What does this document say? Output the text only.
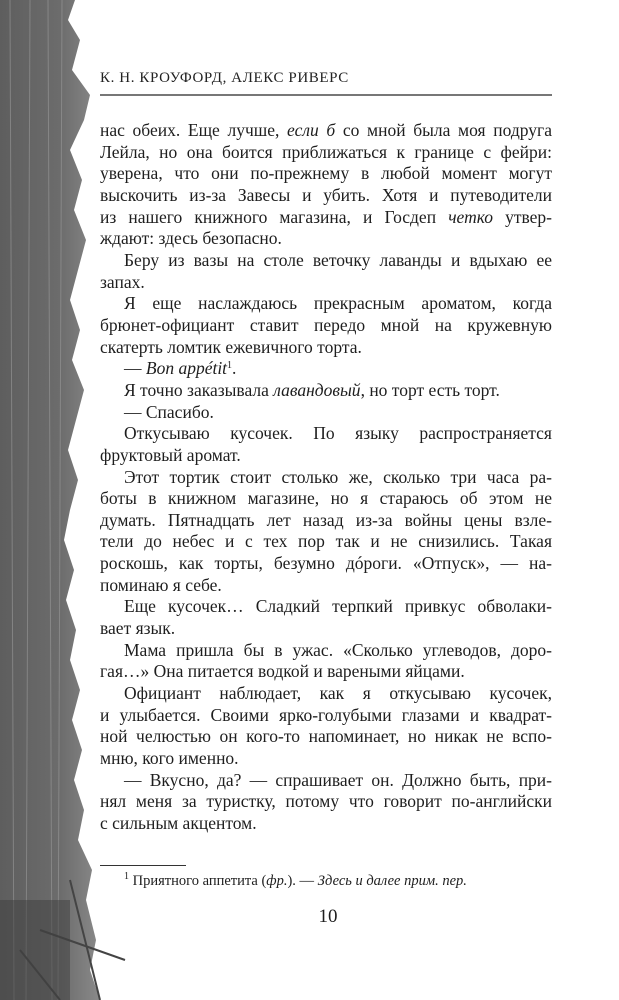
К. Н. КРОУФОРД, АЛЕКС РИВЕРС
нас обеих. Еще лучше, если б со мной была моя подруга
Лейла, но она боится приближаться к границе с фейри:
уверена, что они по-прежнему в любой момент могут
выскочить из-за Завесы и убить. Хотя и путеводители
из нашего книжного магазина, и Госдеп четко утвер-
ждают: здесь безопасно.
Беру из вазы на столе веточку лаванды и вдыхаю ее
запах.
Я еще наслаждаюсь прекрасным ароматом, когда
брюнет-официант ставит передо мной на кружевную
скатерть ломтик ежевичного торта.
— Bon appétit$^1$.
Я точно заказывала лавандовый, но торт есть торт.
— Спасибо.
Откусываю кусочек. По языку распространяется
фруктовый аромат.
Этот тортик стоит столько же, сколько три часа ра-
боты в книжном магазине, но я стараюсь об этом не
думать. Пятнадцать лет назад из-за войны цены взле-
тели до небес и с тех пор так и не снизились. Такая
роскошь, как торты, безумно дóроги. «Отпуск», — на-
поминаю я себе.
Еще кусочек… Сладкий терпкий привкус обволаки-
вает язык.
Мама пришла бы в ужас. «Сколько углеводов, доро-
гая…» Она питается водкой и вареными яйцами.
Официант наблюдает, как я откусываю кусочек,
и улыбается. Своими ярко-голубыми глазами и квадрат-
ной челюстью он кого-то напоминает, но никак не вспо-
мню, кого именно.
— Вкусно, да? — спрашивает он. Должно быть, при-
нял меня за туристку, потому что говорит по-английски
с сильным акцентом.
$^1$ Приятного аппетита (фр.). — Здесь и далее прим. пер.
10
